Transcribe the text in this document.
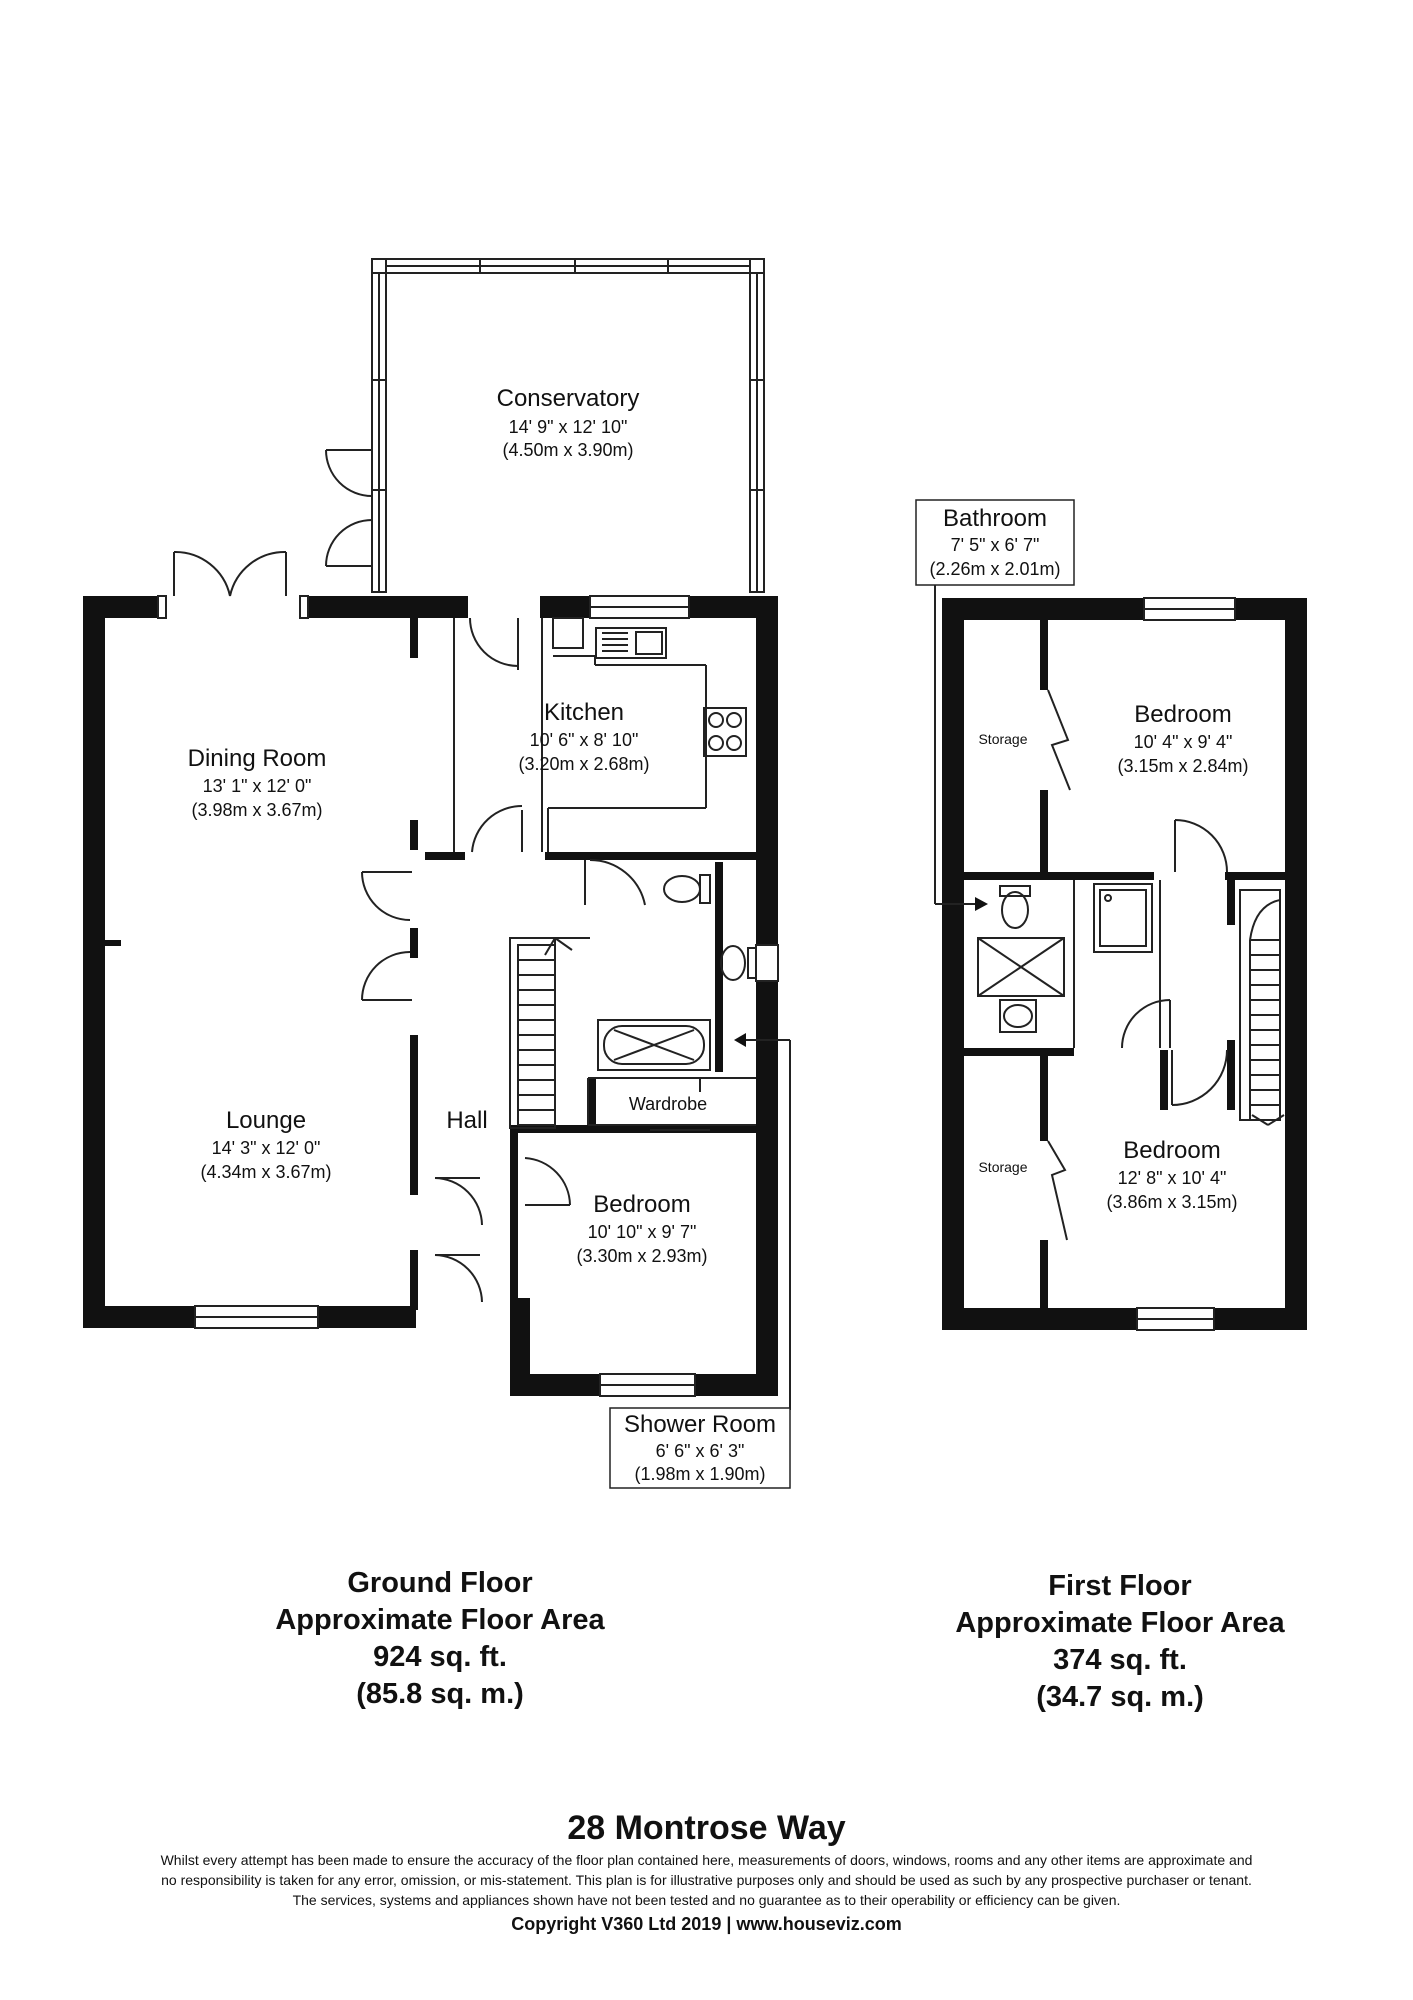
Conservatory
14' 9" x 12' 10"
(4.50m x 3.90m)
Kitchen
10' 6" x 8' 10"
(3.20m x 2.68m)
Dining Room
13' 1" x 12' 0"
(3.98m x 3.67m)
Lounge
14' 3" x 12' 0"
(4.34m x 3.67m)
Hall
Wardrobe
Bedroom
10' 10" x 9' 7"
(3.30m x 2.93m)
Shower Room
6' 6" x 6' 3"
(1.98m x 1.90m)
Bathroom
7' 5" x 6' 7"
(2.26m x 2.01m)
Bedroom
10' 4" x 9' 4"
(3.15m x 2.84m)
Bedroom
12' 8" x 10' 4"
(3.86m x 3.15m)
Storage
Storage
Ground Floor
Approximate Floor Area
924 sq. ft.
(85.8 sq. m.)
First Floor
Approximate Floor Area
374 sq. ft.
(34.7 sq. m.)
28 Montrose Way
Whilst every attempt has been made to ensure the accuracy of the floor plan contained here, measurements of doors, windows, rooms and any other items are approximate and
no responsibility is taken for any error, omission, or mis-statement. This plan is for illustrative purposes only and should be used as such by any prospective purchaser or tenant.
The services, systems and appliances shown have not been tested and no guarantee as to their operability or efficiency can be given.
Copyright V360 Ltd 2019 | www.houseviz.com
